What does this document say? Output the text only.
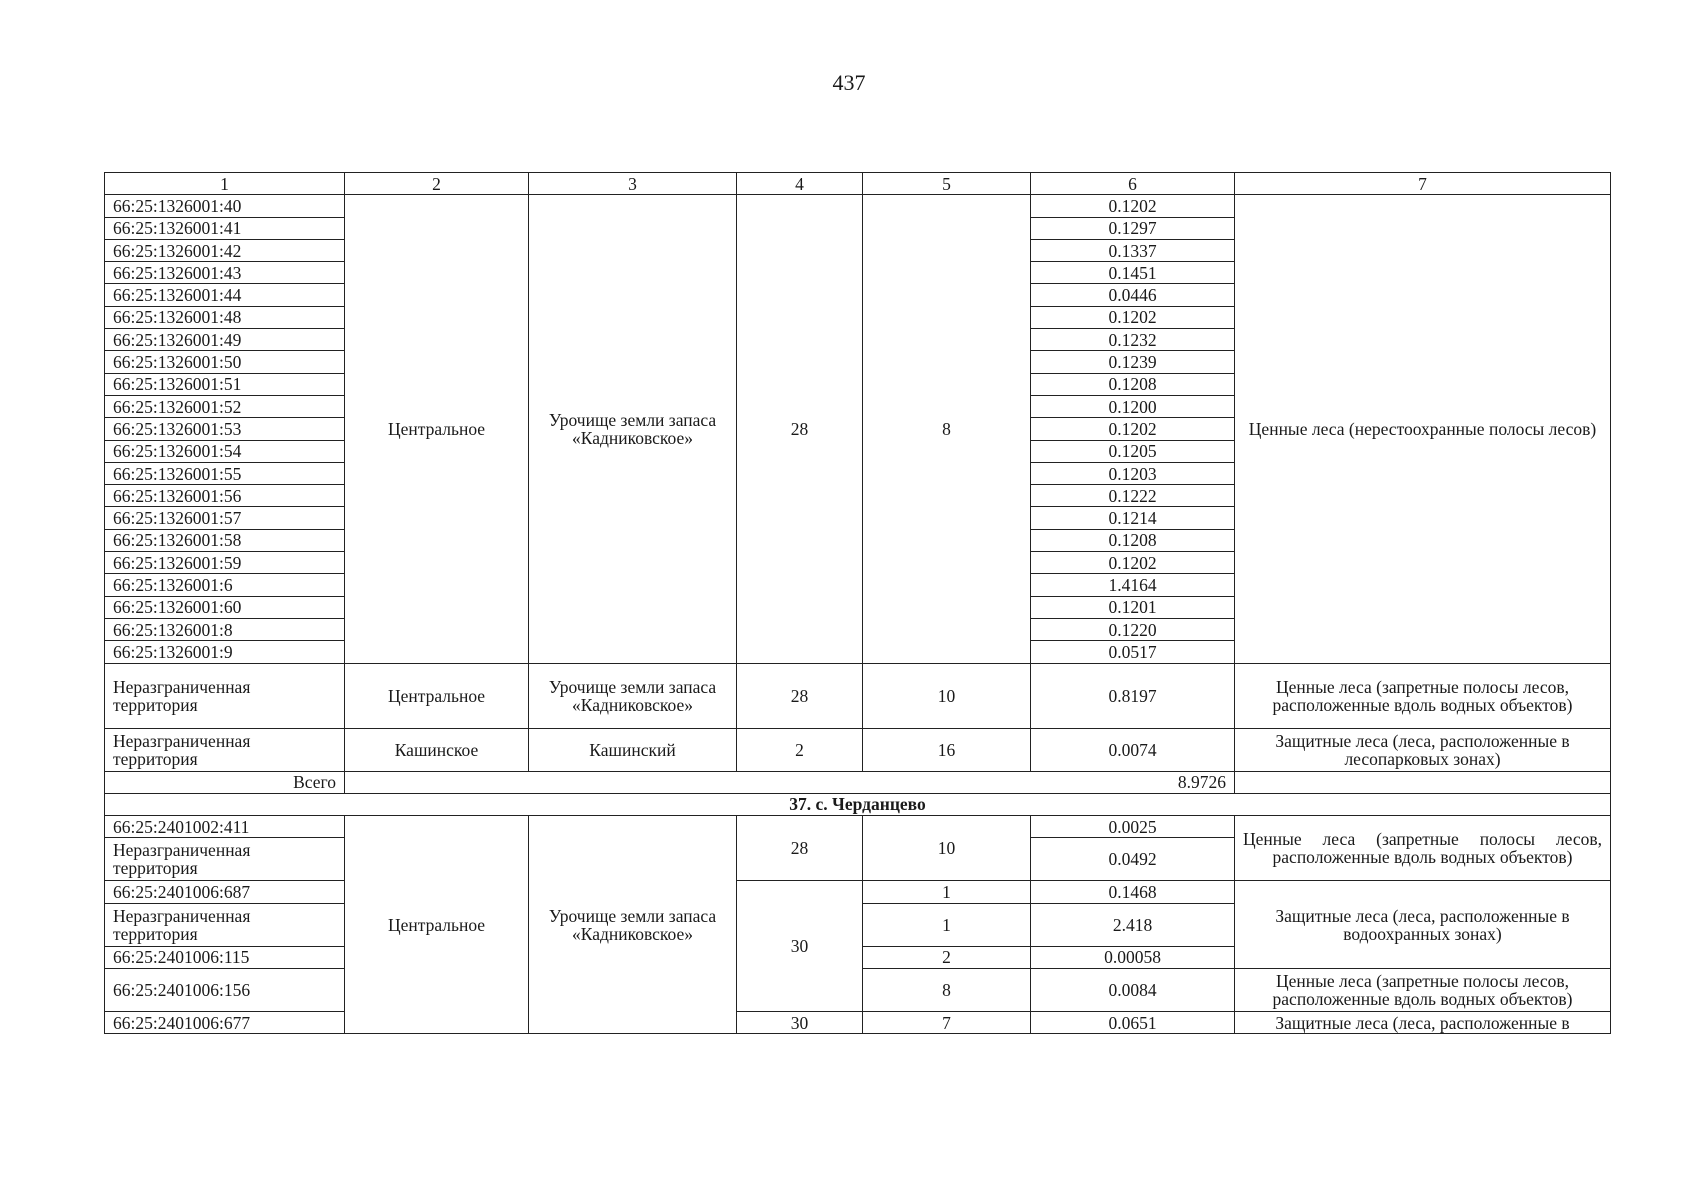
437
1	2	3	4	5	6	7
66:25:1326001:40	Центральное	Урочище земли запаса «Кадниковское»	28	8	0.1202	Ценные леса (нерестоохранные полосы лесов)
66:25:1326001:41					0.1297	
66:25:1326001:42					0.1337	
66:25:1326001:43					0.1451	
66:25:1326001:44					0.0446	
66:25:1326001:48					0.1202	
66:25:1326001:49					0.1232	
66:25:1326001:50					0.1239	
66:25:1326001:51					0.1208	
66:25:1326001:52					0.1200	
66:25:1326001:53					0.1202	
66:25:1326001:54					0.1205	
66:25:1326001:55					0.1203	
66:25:1326001:56					0.1222	
66:25:1326001:57					0.1214	
66:25:1326001:58					0.1208	
66:25:1326001:59					0.1202	
66:25:1326001:6					1.4164	
66:25:1326001:60					0.1201	
66:25:1326001:8					0.1220	
66:25:1326001:9					0.0517	
Неразграниченная территория	Центральное	Урочище земли запаса «Кадниковское»	28	10	0.8197	Ценные леса (запретные полосы лесов, расположенные вдоль водных объектов)
Неразграниченная территория	Кашинское	Кашинский	2	16	0.0074	Защитные леса (леса, расположенные в лесопарковых зонах)
Всего	8.9726					
37. с. Черданцево						
66:25:2401002:411	Центральное	Урочище земли запаса «Кадниковское»	28	10	0.0025	Ценные леса (запретные полосы лесов, расположенные вдоль водных объектов)
Неразграниченная территория					0.0492	
66:25:2401006:687			30	1	0.1468	Защитные леса (леса, расположенные в водоохранных зонах)
Неразграниченная территория				1	2.418	
66:25:2401006:115				2	0.00058	
66:25:2401006:156				8	0.0084	Ценные леса (запретные полосы лесов, расположенные вдоль водных объектов)
66:25:2401006:677			30	7	0.0651	Защитные леса (леса, расположенные в
